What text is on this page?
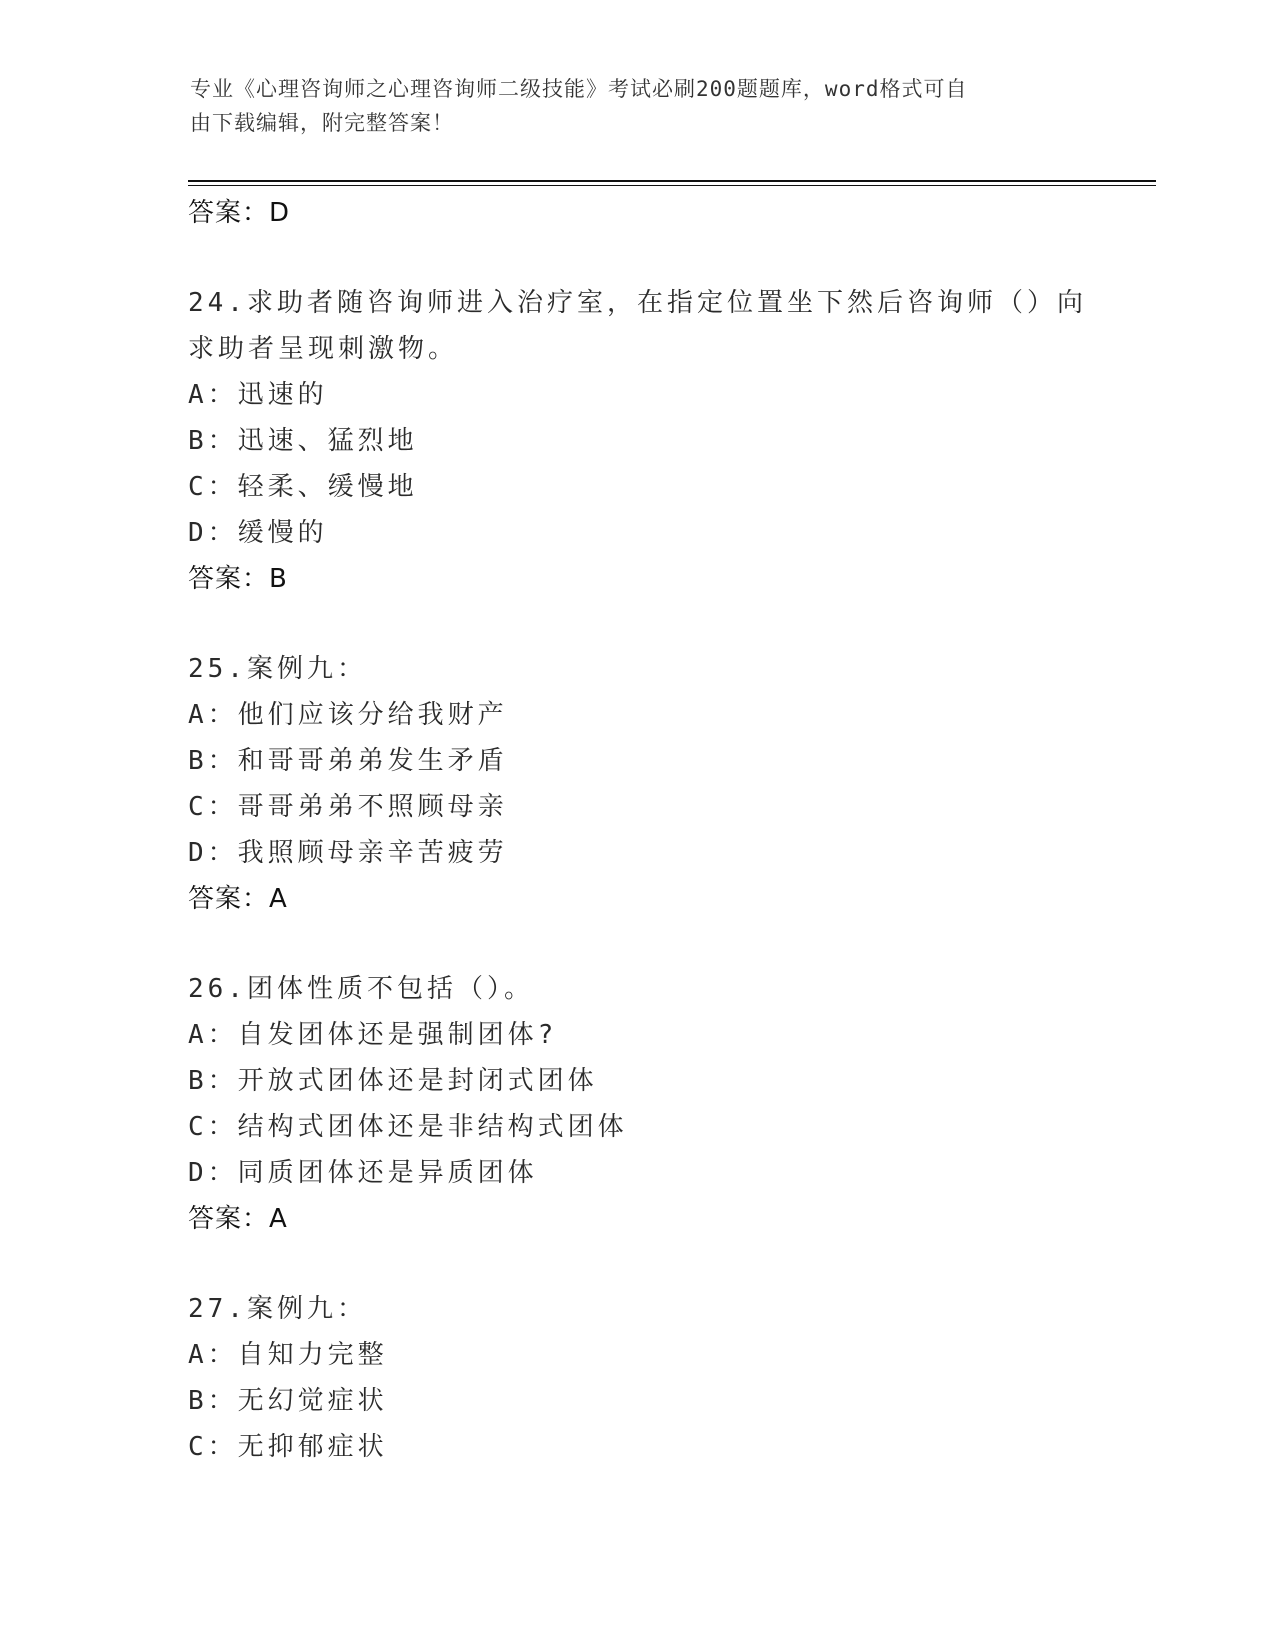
专业《心理咨询师之心理咨询师二级技能》考试必刷200题题库，word格式可自
由下载编辑，附完整答案！
答案：D
24.求助者随咨询师进入治疗室，在指定位置坐下然后咨询师（）向求助者呈现刺激物。
A：迅速的
B：迅速、猛烈地
C：轻柔、缓慢地
D：缓慢的
答案：B
25.案例九：
A：他们应该分给我财产
B：和哥哥弟弟发生矛盾
C：哥哥弟弟不照顾母亲
D：我照顾母亲辛苦疲劳
答案：A
26.团体性质不包括（）。
A：自发团体还是强制团体?
B：开放式团体还是封闭式团体
C：结构式团体还是非结构式团体
D：同质团体还是异质团体
答案：A
27.案例九：
A：自知力完整
B：无幻觉症状
C：无抑郁症状
